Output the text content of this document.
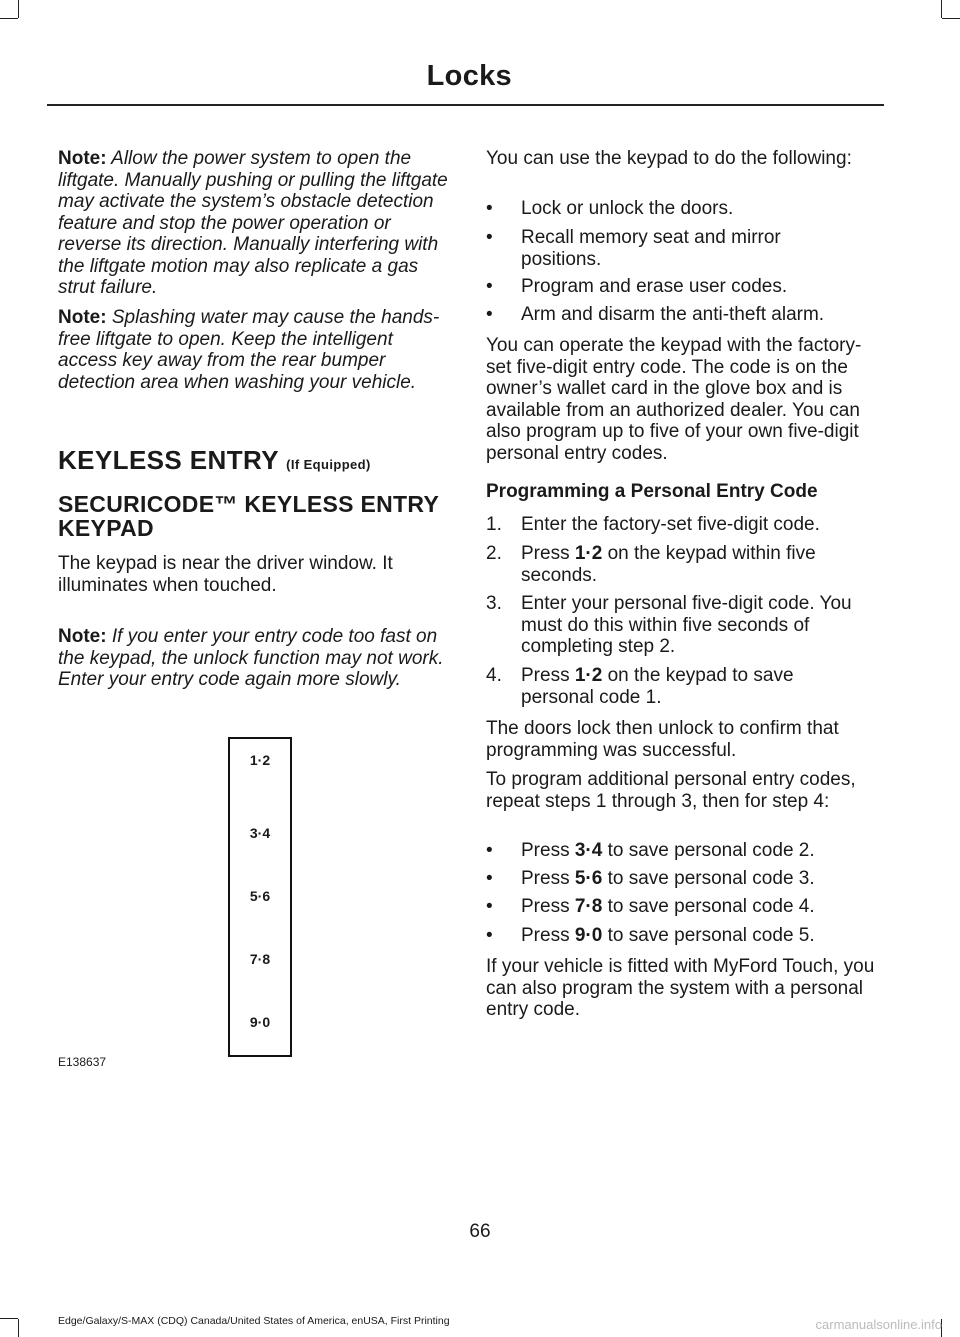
Locks

Note: Allow the power system to open the liftgate. Manually pushing or pulling the liftgate may activate the system’s obstacle detection feature and stop the power operation or reverse its direction. Manually interfering with the liftgate motion may also replicate a gas strut failure.

Note: Splashing water may cause the hands-free liftgate to open. Keep the intelligent access key away from the rear bumper detection area when washing your vehicle.

KEYLESS ENTRY (If Equipped)
SECURICODE™ KEYLESS ENTRY KEYPAD

The keypad is near the driver window. It illuminates when touched.

Note: If you enter your entry code too fast on the keypad, the unlock function may not work. Enter your entry code again more slowly.

1·2
3·4
5·6
7·8
9·0
E138637

You can use the keypad to do the following:

• Lock or unlock the doors.
• Recall memory seat and mirror positions.
• Program and erase user codes.
• Arm and disarm the anti-theft alarm.

You can operate the keypad with the factory-set five-digit entry code. The code is on the owner’s wallet card in the glove box and is available from an authorized dealer. You can also program up to five of your own five-digit personal entry codes.

Programming a Personal Entry Code
1. Enter the factory-set five-digit code.
2. Press 1·2 on the keypad within five seconds.
3. Enter your personal five-digit code. You must do this within five seconds of completing step 2.
4. Press 1·2 on the keypad to save personal code 1.

The doors lock then unlock to confirm that programming was successful.

To program additional personal entry codes, repeat steps 1 through 3, then for step 4:

• Press 3·4 to save personal code 2.
• Press 5·6 to save personal code 3.
• Press 7·8 to save personal code 4.
• Press 9·0 to save personal code 5.

If your vehicle is fitted with MyFord Touch, you can also program the system with a personal entry code.

66
Edge/Galaxy/S-MAX (CDQ) Canada/United States of America, enUSA, First Printing	carmanualsonline.info
